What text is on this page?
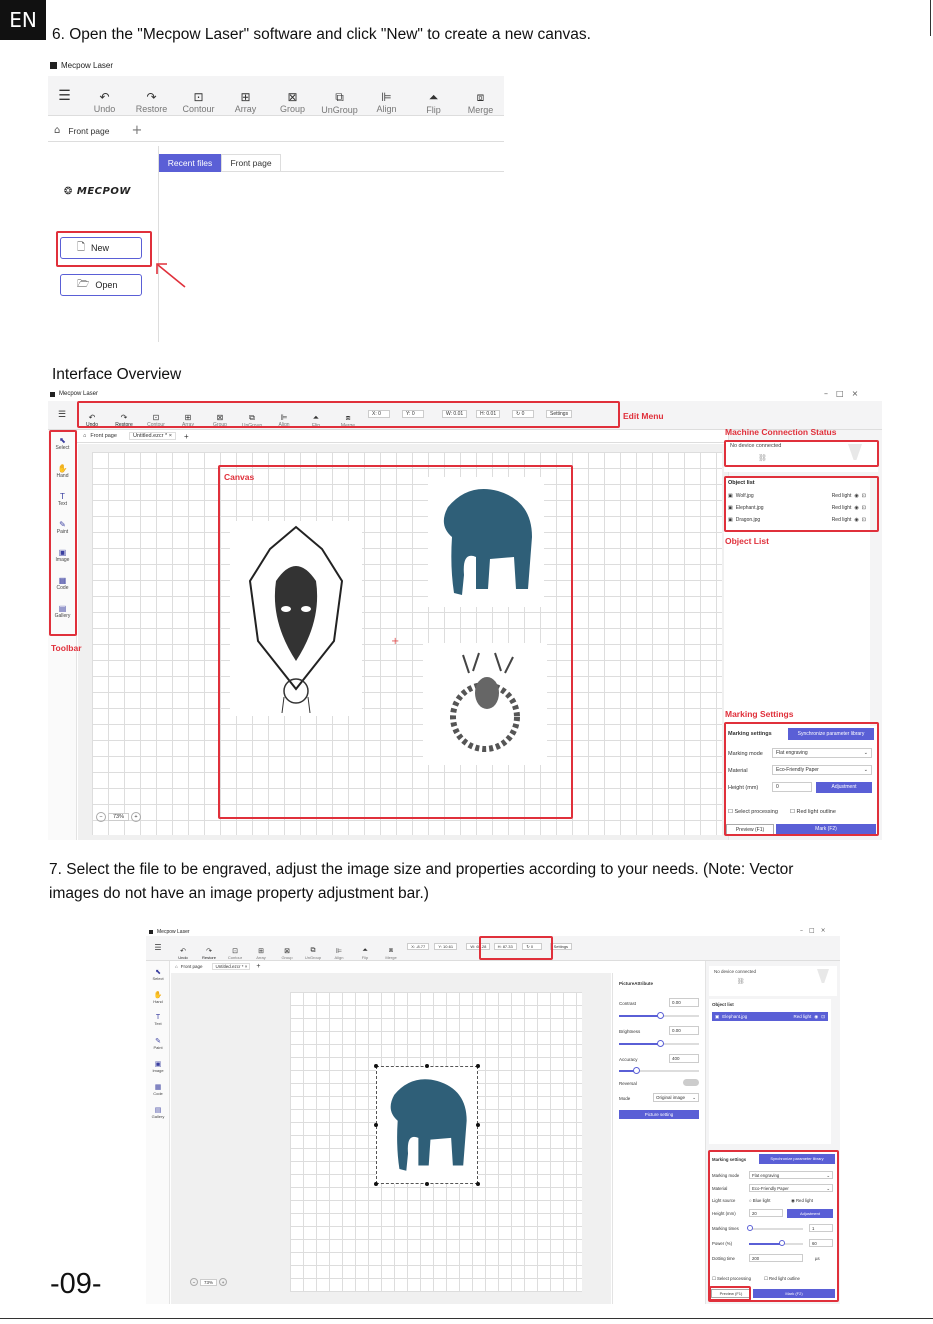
EN
6. Open the "Mecpow Laser" software and click "New" to create a new canvas.
Mecpow Laser
☰ ↶
Undo
↷
Restore
⊡
Contour
⊞
Array
⊠
Group
⧉
UnGroup
⊫
Align
⏶
Flip
⧈
Merge
⌂ Front page +
Recent files	Front page
❂ MECPOW
🗋 New
🗁 Open
Interface Overview
Mecpow Laser	–□×
☰	↶
Undo
↷
Restore
⊡
Contour
⊞
Array
⊠
Group
⧉
UnGroup
⊫
Align
⏶
Flip
⧈
Merge
X: 0	Y: 0	W: 0.01	H: 0.01	↻ 0	Settings
⌂ Front page	Untitled.ezcr * ×	+
⬉
Select
✋
Hand
T
Text
✎
Paint
▣
Image
▦
Code
▤
Gallery
+
−	73%	+
No device connected
⛓
Object list
▣ Wolf.jpg	Red light ◉ ⊡
▣ Elephant.jpg	Red light ◉ ⊡
▣ Dragon.jpg	Red light ◉ ⊡
Marking settings	Synchronize parameter library
Marking mode	Flat engraving	⌄
Material	Eco-Friendly Paper	⌄
Height (mm)	0	Adjustment
☐ Select processing ☐ Red light outline
Preview (F1)	Mark (F2)
Edit Menu
Machine Connection Status
Object List
Marking Settings
Canvas
Toolbar
7. Select the file to be engraved, adjust the image size and properties according to your needs. (Note: Vector
images do not have an image property adjustment bar.)
Mecpow Laser	–□×
☰	↶
Undo
↷
Restore
⊡
Contour
⊞
Array
⊠
Group
⧉
UnGroup
⊫
Align
⏶
Flip
⧈
Merge
X: -8.77	Y: 10.61	W: 65.28	H: 87.33	↻ 0	Settings
⌂ Front page	Untitled.ezcr * ×	+
⬉
Select
✋
Hand
T
Text
✎
Paint
▣
Image
▦
Code
▤
Gallery
−	73%	+
PictureAttribute
Contrast	0.00
Brightness	0.00
Accuracy	400
Reversal
Mode	Original image ⌄
Picture setting
No device connected
⛓
Object list
▣ Elephant.jpg	Red light ◉ ⊡
Marking settings	Synchronize parameter library
Marking mode	Flat engraving	⌄
Material	Eco-Friendly Paper	⌄
Light source	○ Blue light	◉ Red light
Height (mm)	20	Adjustment
Marking times	1
Power (%)	60
Dotting time	200	µs
☐ Select processing	☐ Red light outline
Preview (F1)	Mark (F2)
-09-
